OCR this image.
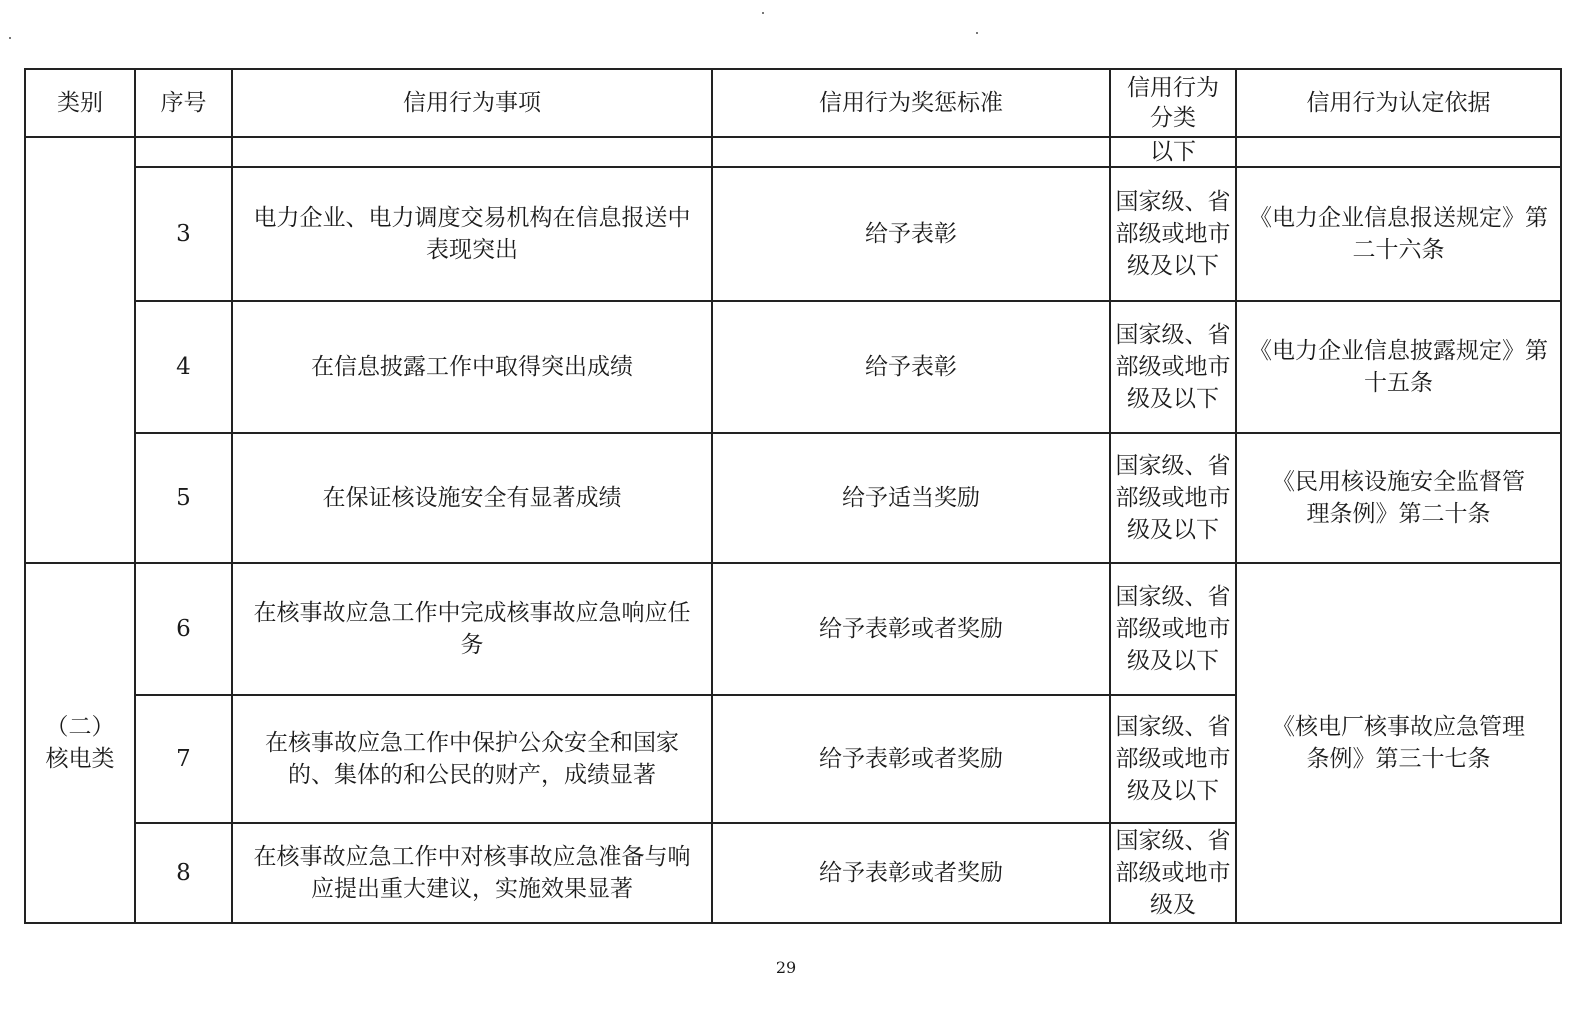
类别	序号	信用行为事项	信用行为奖惩标准	信用行为分类	信用行为认定依据
				以下	
	3	电力企业、电力调度交易机构在信息报送中表现突出	给予表彰	国家级、省部级或地市级及以下	《电力企业信息报送规定》第二十六条
	4	在信息披露工作中取得突出成绩	给予表彰	国家级、省部级或地市级及以下	《电力企业信息披露规定》第十五条
	5	在保证核设施安全有显著成绩	给予适当奖励	国家级、省部级或地市级及以下	《民用核设施安全监督管理条例》第二十条
（二）核电类	6	在核事故应急工作中完成核事故应急响应任务	给予表彰或者奖励	国家级、省部级或地市级及以下	《核电厂核事故应急管理条例》第三十七条
	7	在核事故应急工作中保护公众安全和国家的、集体的和公民的财产，成绩显著	给予表彰或者奖励	国家级、省部级或地市级及以下	
	8	在核事故应急工作中对核事故应急准备与响应提出重大建议，实施效果显著	给予表彰或者奖励	国家级、省部级或地市级及	
29
